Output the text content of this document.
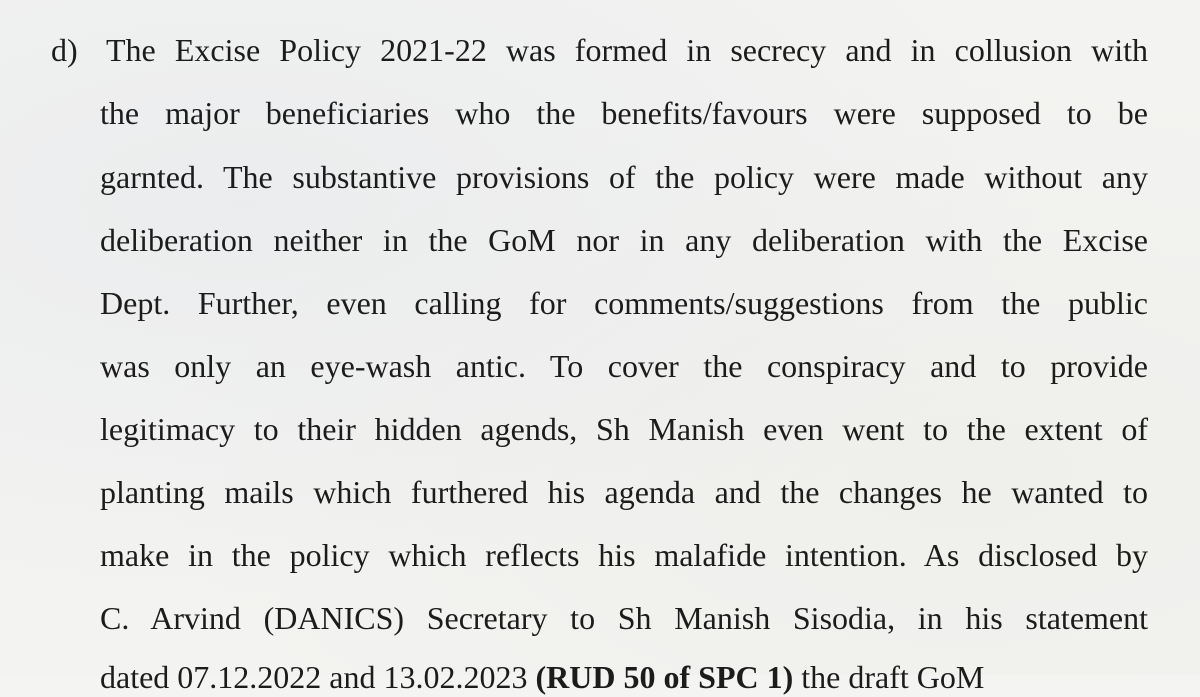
d) The Excise Policy 2021-22 was formed in secrecy and in collusion with
the major beneficiaries who the benefits/favours were supposed to be
garnted. The substantive provisions of the policy were made without any
deliberation neither in the GoM nor in any deliberation with the Excise
Dept. Further, even calling for comments/suggestions from the public
was only an eye-wash antic. To cover the conspiracy and to provide
legitimacy to their hidden agends, Sh Manish even went to the extent of
planting mails which furthered his agenda and the changes he wanted to
make in the policy which reflects his malafide intention. As disclosed by
C. Arvind (DANICS) Secretary to Sh Manish Sisodia, in his statement
dated 07.12.2022 and 13.02.2023 (RUD 50 of SPC 1) the draft GoM
